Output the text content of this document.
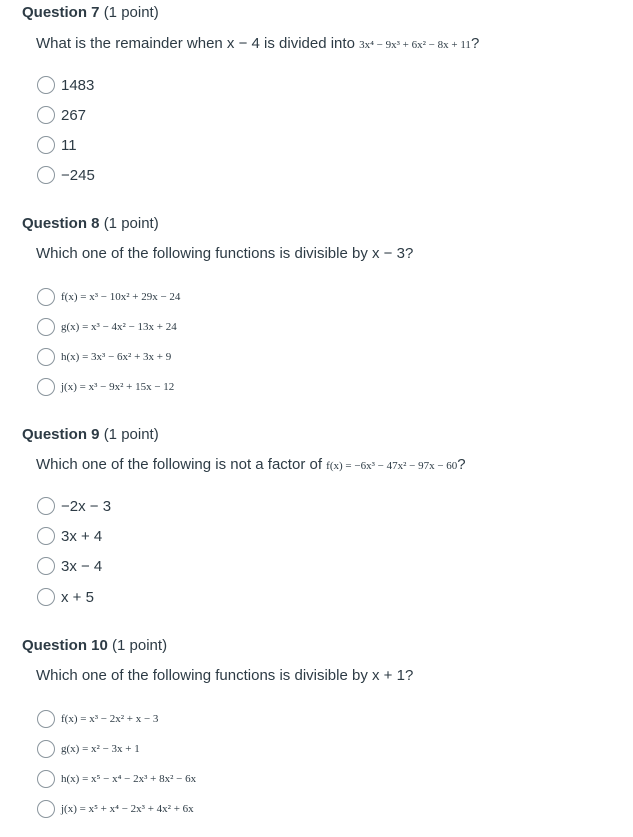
Question 7 (1 point)
What is the remainder when x − 4 is divided into 3x⁴ − 9x³ + 6x² − 8x + 11?
1483
267
11
−245
Question 8 (1 point)
Which one of the following functions is divisible by x − 3?
f(x) = x³ − 10x² + 29x − 24
g(x) = x³ − 4x² − 13x + 24
h(x) = 3x³ − 6x² + 3x + 9
j(x) = x³ − 9x² + 15x − 12
Question 9 (1 point)
Which one of the following is not a factor of f(x) = −6x³ − 47x² − 97x − 60?
−2x − 3
3x + 4
3x − 4
x + 5
Question 10 (1 point)
Which one of the following functions is divisible by x + 1?
f(x) = x³ − 2x² + x − 3
g(x) = x² − 3x + 1
h(x) = x⁵ − x⁴ − 2x³ + 8x² − 6x
j(x) = x⁵ + x⁴ − 2x³ + 4x² + 6x
